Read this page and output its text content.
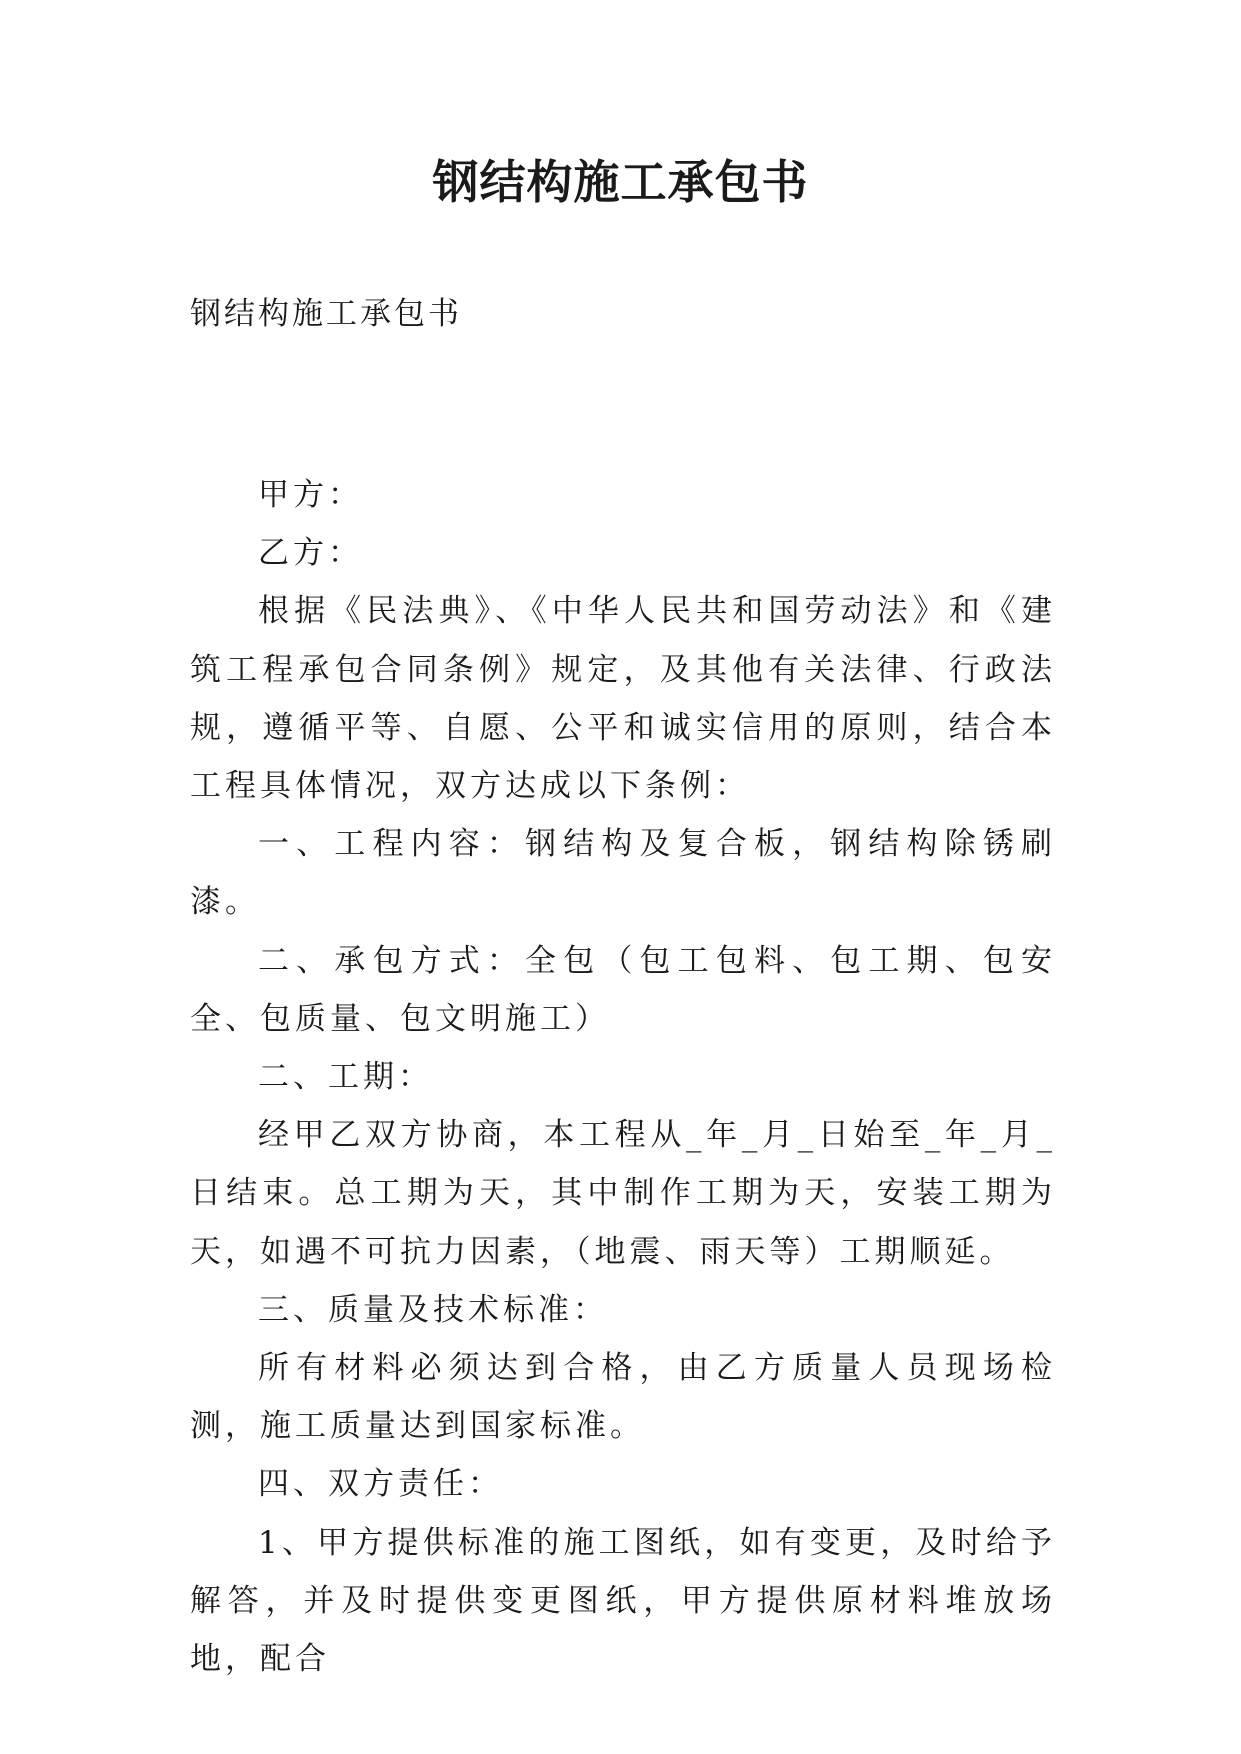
钢结构施工承包书

钢结构施工承包书

甲方：

乙方：

根据《民法典》、《中华人民共和国劳动法》和《建筑工程承包合同条例》规定，及其他有关法律、行政法规，遵循平等、自愿、公平和诚实信用的原则，结合本工程具体情况，双方达成以下条例：

一、工程内容：钢结构及复合板，钢结构除锈刷漆。

二、承包方式：全包（包工包料、包工期、包安全、包质量、包文明施工）

二、工期：

经甲乙双方协商，本工程从_年_月_日始至_年_月_日结束。总工期为天，其中制作工期为天，安装工期为天，如遇不可抗力因素，（地震、雨天等）工期顺延。

三、质量及技术标准：

所有材料必须达到合格，由乙方质量人员现场检测，施工质量达到国家标准。

四、双方责任：

1、甲方提供标准的施工图纸，如有变更，及时给予解答，并及时提供变更图纸，甲方提供原材料堆放场地，配合
